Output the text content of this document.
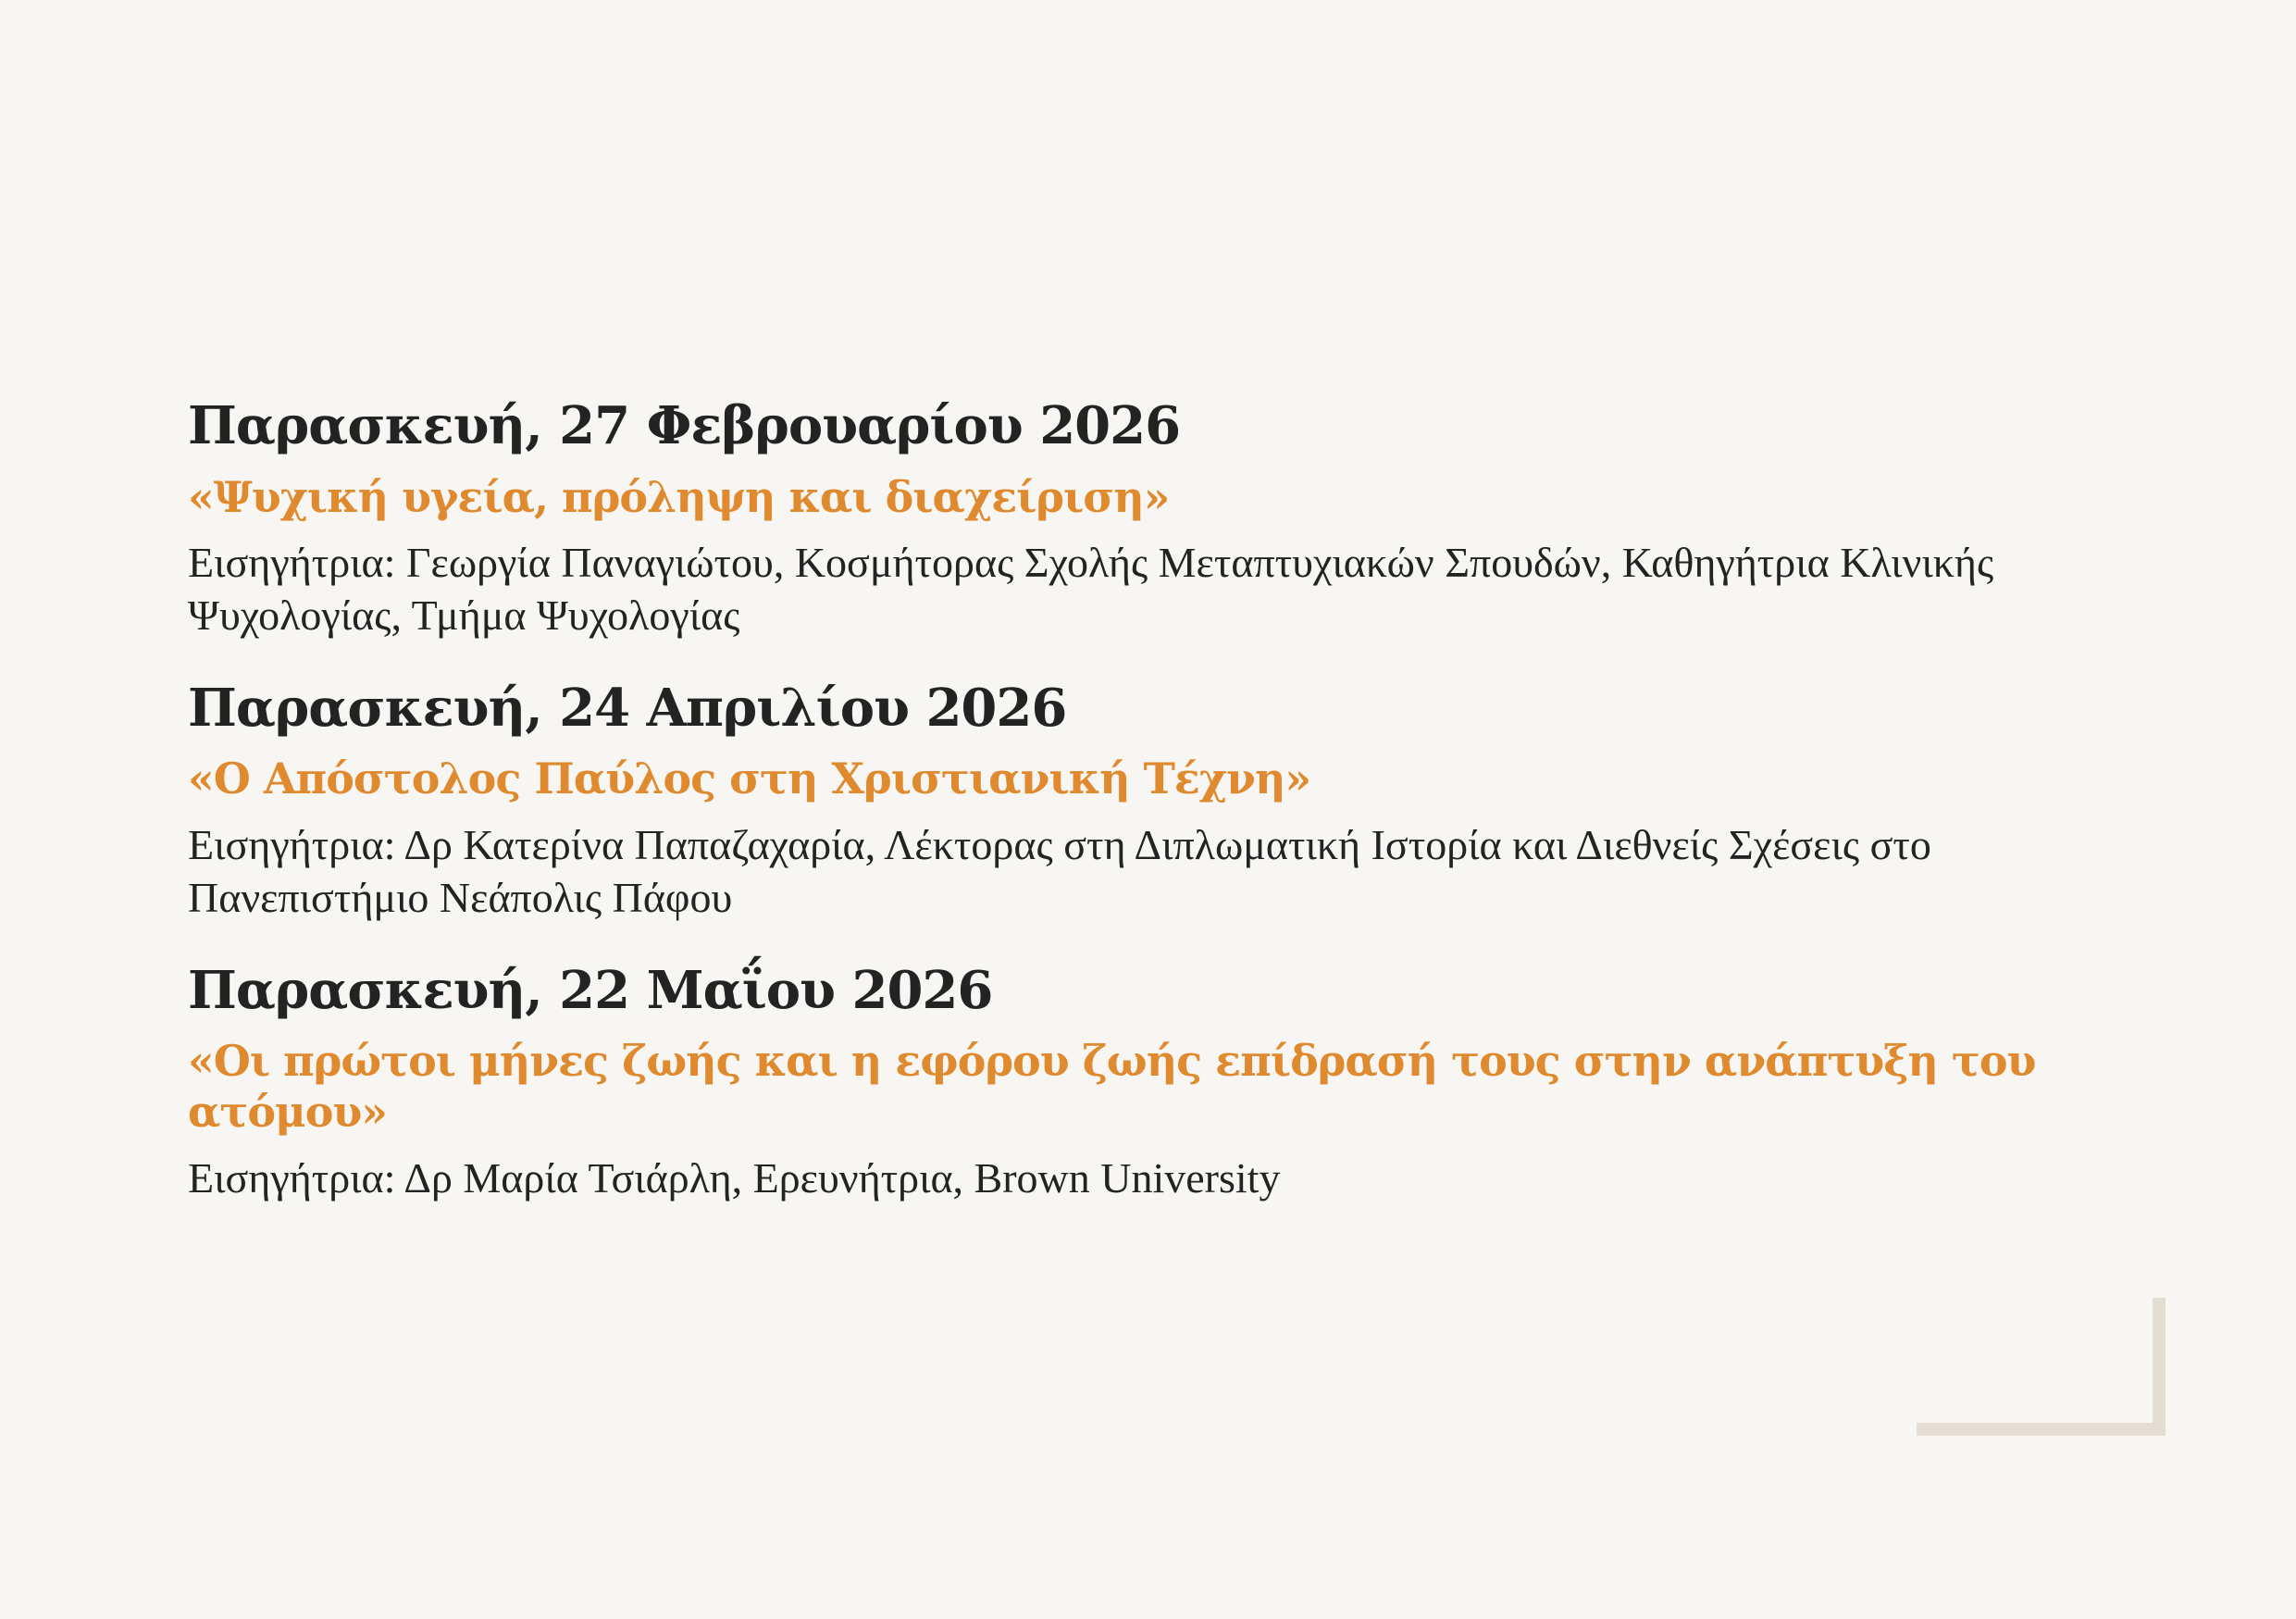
Παρασκευή, 27 Φεβρουαρίου 2026

«Ψυχική υγεία, πρόληψη και διαχείριση»

Εισηγήτρια: Γεωργία Παναγιώτου, Κοσμήτορας Σχολής Μεταπτυχιακών Σπουδών, Καθηγήτρια Κλινικής Ψυχολογίας, Τμήμα Ψυχολογίας

Παρασκευή, 24 Απριλίου 2026

«Ο Απόστολος Παύλος στη Χριστιανική Τέχνη»

Εισηγήτρια: Δρ Κατερίνα Παπαζαχαρία, Λέκτορας στη Διπλωματική Ιστορία και Διεθνείς Σχέσεις στο Πανεπιστήμιο Νεάπολις Πάφου

Παρασκευή, 22 Μαΐου 2026

«Οι πρώτοι μήνες ζωής και η εφόρου ζωής επίδρασή τους στην ανάπτυξη του ατόμου»

Εισηγήτρια: Δρ Μαρία Τσιάρλη, Ερευνήτρια, Brown University
